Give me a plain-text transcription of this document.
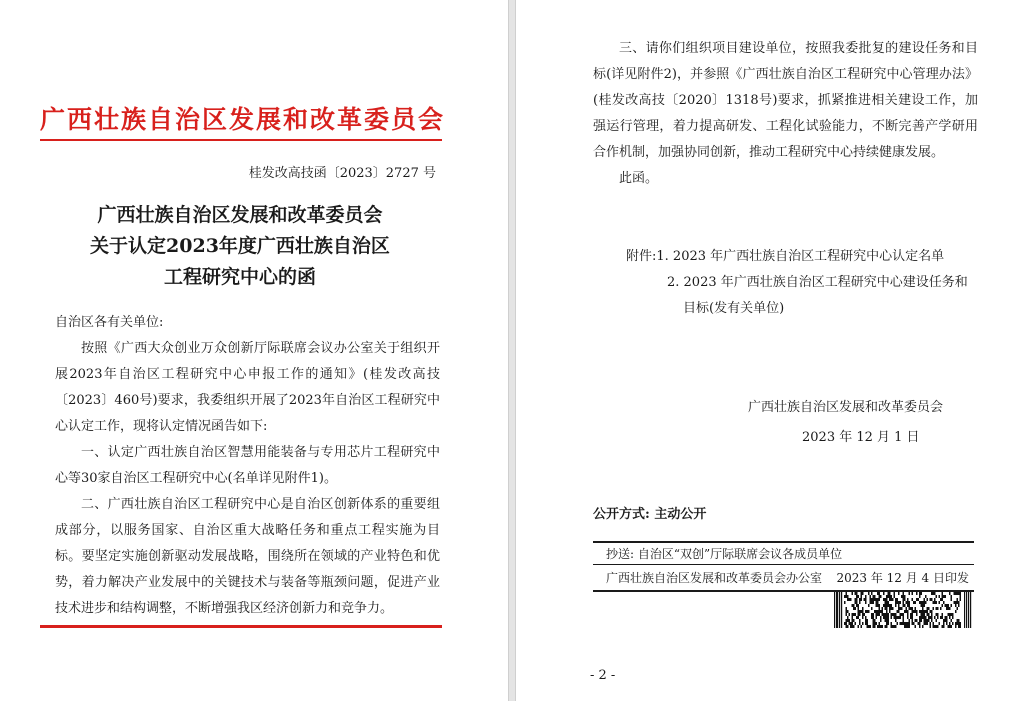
广西壮族自治区发展和改革委员会
桂发改高技函〔2023〕2727 号
广西壮族自治区发展和改革委员会
关于认定2023年度广西壮族自治区
工程研究中心的函
自治区各有关单位:

按照《广西大众创业万众创新厅际联席会议办公室关于组织开展2023年自治区工程研究中心申报工作的通知》(桂发改高技〔2023〕460号)要求，我委组织开展了2023年自治区工程研究中心认定工作，现将认定情况函告如下:

一、认定广西壮族自治区智慧用能装备与专用芯片工程研究中心等30家自治区工程研究中心(名单详见附件1)。

二、广西壮族自治区工程研究中心是自治区创新体系的重要组成部分，以服务国家、自治区重大战略任务和重点工程实施为目标。要坚定实施创新驱动发展战略，围绕所在领域的产业特色和优势，着力解决产业发展中的关键技术与装备等瓶颈问题，促进产业技术进步和结构调整，不断增强我区经济创新力和竞争力。

三、请你们组织项目建设单位，按照我委批复的建设任务和目标(详见附件2)，并参照《广西壮族自治区工程研究中心管理办法》(桂发改高技〔2020〕1318号)要求，抓紧推进相关建设工作，加强运行管理，着力提高研发、工程化试验能力，不断完善产学研用合作机制，加强协同创新，推动工程研究中心持续健康发展。

此函。

附件:1. 2023 年广西壮族自治区工程研究中心认定名单
2. 2023 年广西壮族自治区工程研究中心建设任务和
目标(发有关单位)
广西壮族自治区发展和改革委员会
2023 年 12 月 1 日
公开方式: 主动公开
抄送: 自治区“双创”厅际联席会议各成员单位
广西壮族自治区发展和改革委员会办公室 2023 年 12 月 4 日印发
- 2 -
